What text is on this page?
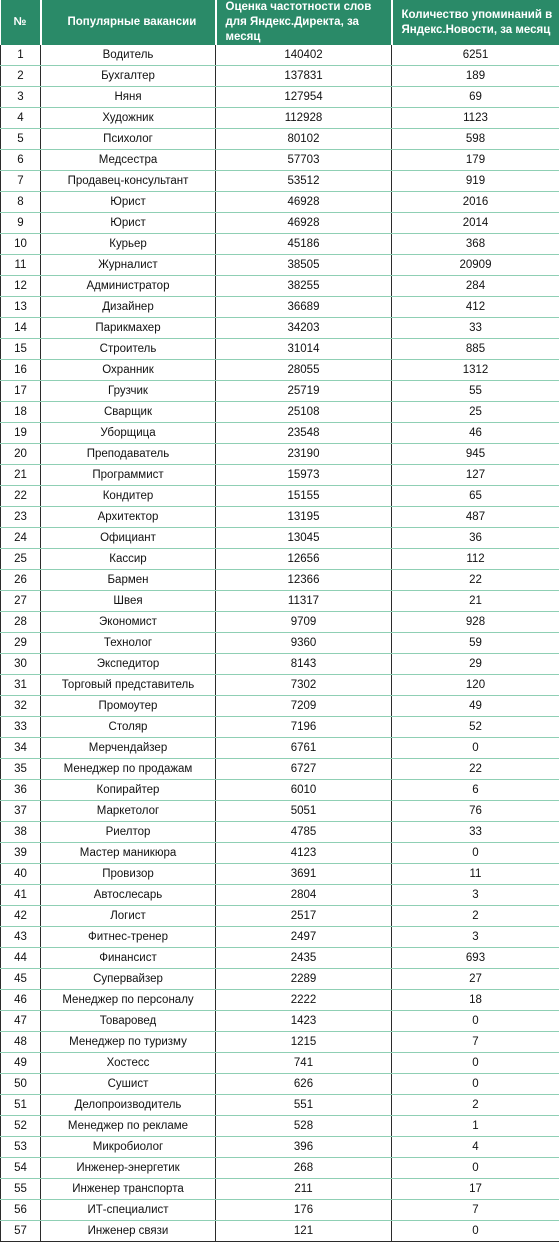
№	Популярные вакансии	Оценка частотности слов для Яндекс.Директа, за месяц	Количество упоминаний в Яндекс.Новости, за месяц
1	Водитель	140402	6251
2	Бухгалтер	137831	189
3	Няня	127954	69
4	Художник	112928	1123
5	Психолог	80102	598
6	Медсестра	57703	179
7	Продавец-консультант	53512	919
8	Юрист	46928	2016
9	Юрист	46928	2014
10	Курьер	45186	368
11	Журналист	38505	20909
12	Администратор	38255	284
13	Дизайнер	36689	412
14	Парикмахер	34203	33
15	Строитель	31014	885
16	Охранник	28055	1312
17	Грузчик	25719	55
18	Сварщик	25108	25
19	Уборщица	23548	46
20	Преподаватель	23190	945
21	Программист	15973	127
22	Кондитер	15155	65
23	Архитектор	13195	487
24	Официант	13045	36
25	Кассир	12656	112
26	Бармен	12366	22
27	Швея	11317	21
28	Экономист	9709	928
29	Технолог	9360	59
30	Экспедитор	8143	29
31	Торговый представитель	7302	120
32	Промоутер	7209	49
33	Столяр	7196	52
34	Мерчендайзер	6761	0
35	Менеджер по продажам	6727	22
36	Копирайтер	6010	6
37	Маркетолог	5051	76
38	Риелтор	4785	33
39	Мастер маникюра	4123	0
40	Провизор	3691	11
41	Автослесарь	2804	3
42	Логист	2517	2
43	Фитнес-тренер	2497	3
44	Финансист	2435	693
45	Супервайзер	2289	27
46	Менеджер по персоналу	2222	18
47	Товаровед	1423	0
48	Менеджер по туризму	1215	7
49	Хостесс	741	0
50	Сушист	626	0
51	Делопроизводитель	551	2
52	Менеджер по рекламе	528	1
53	Микробиолог	396	4
54	Инженер-энергетик	268	0
55	Инженер транспорта	211	17
56	ИТ-специалист	176	7
57	Инженер связи	121	0
